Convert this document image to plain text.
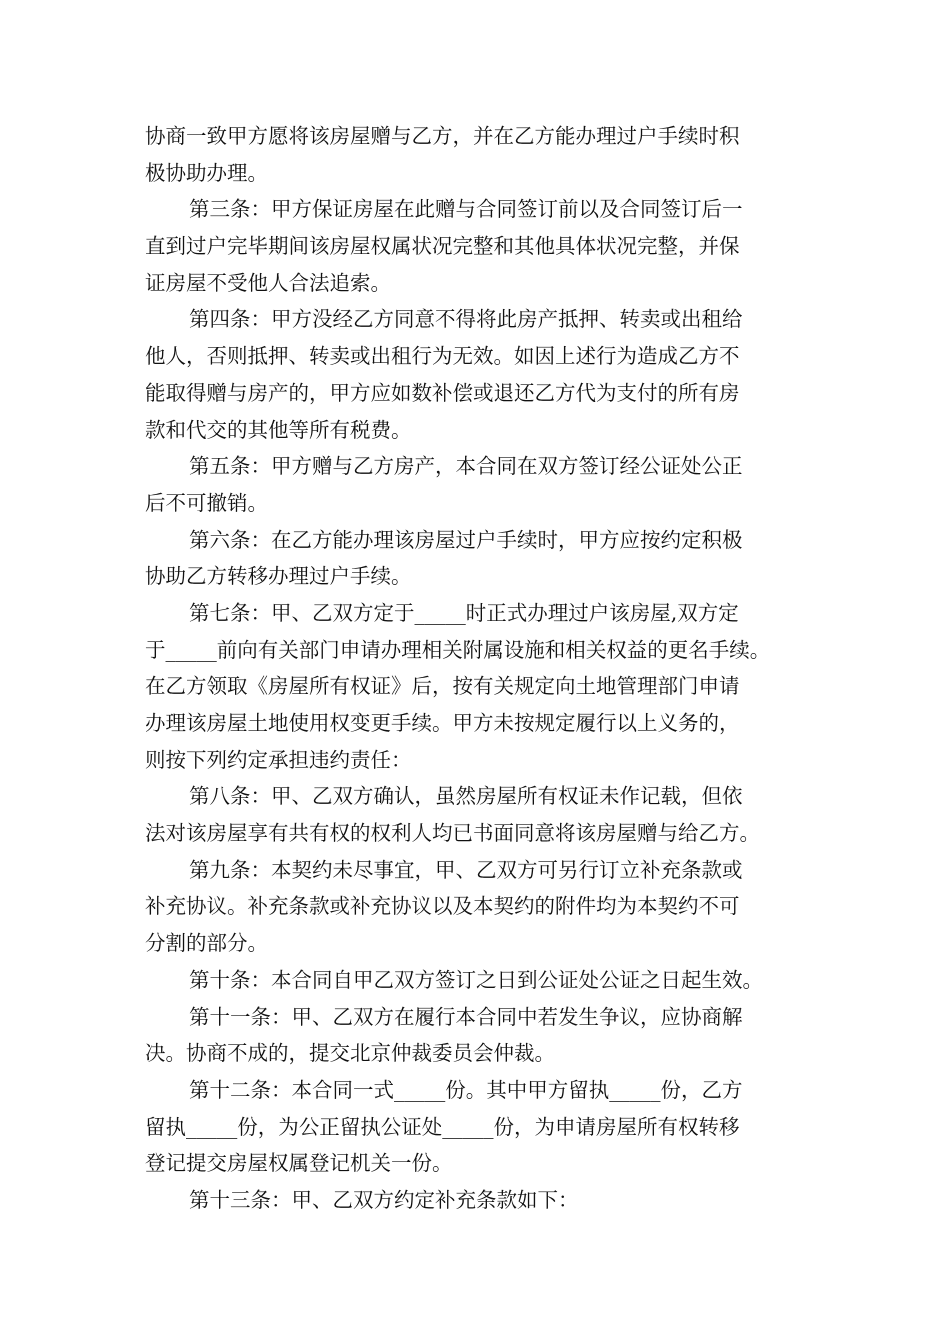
协商一致甲方愿将该房屋赠与乙方，并在乙方能办理过户手续时积
极协助办理。
第三条：甲方保证房屋在此赠与合同签订前以及合同签订后一
直到过户完毕期间该房屋权属状况完整和其他具体状况完整，并保
证房屋不受他人合法追索。
第四条：甲方没经乙方同意不得将此房产抵押、转卖或出租给
他人，否则抵押、转卖或出租行为无效。如因上述行为造成乙方不
能取得赠与房产的，甲方应如数补偿或退还乙方代为支付的所有房
款和代交的其他等所有税费。
第五条：甲方赠与乙方房产，本合同在双方签订经公证处公正
后不可撤销。
第六条：在乙方能办理该房屋过户手续时，甲方应按约定积极
协助乙方转移办理过户手续。
第七条：甲、乙双方定于_____时正式办理过户该房屋,双方定
于_____前向有关部门申请办理相关附属设施和相关权益的更名手续。
在乙方领取《房屋所有权证》后，按有关规定向土地管理部门申请
办理该房屋土地使用权变更手续。甲方未按规定履行以上义务的，
则按下列约定承担违约责任：
第八条：甲、乙双方确认，虽然房屋所有权证未作记载，但依
法对该房屋享有共有权的权利人均已书面同意将该房屋赠与给乙方。
第九条：本契约未尽事宜，甲、乙双方可另行订立补充条款或
补充协议。补充条款或补充协议以及本契约的附件均为本契约不可
分割的部分。
第十条：本合同自甲乙双方签订之日到公证处公证之日起生效。
第十一条：甲、乙双方在履行本合同中若发生争议，应协商解
决。协商不成的，提交北京仲裁委员会仲裁。
第十二条：本合同一式_____份。其中甲方留执_____份，乙方
留执_____份，为公正留执公证处_____份，为申请房屋所有权转移
登记提交房屋权属登记机关一份。
第十三条：甲、乙双方约定补充条款如下：
